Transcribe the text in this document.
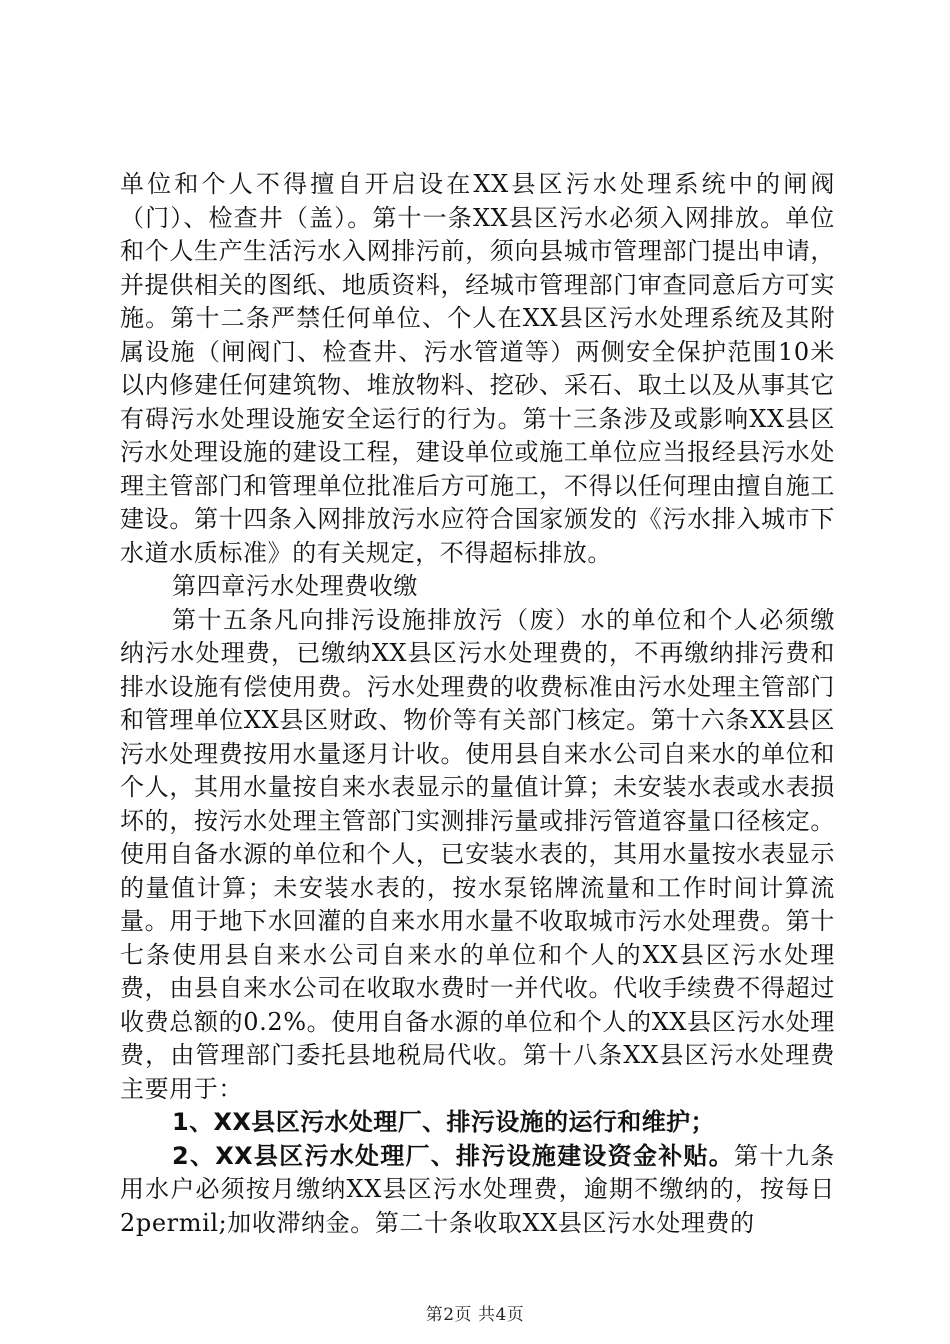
单位和个人不得擅自开启设在XX县区污水处理系统中的闸阀（门）、检查井（盖）。第十一条XX县区污水必须入网排放。单位和个人生产生活污水入网排污前，须向县城市管理部门提出申请，并提供相关的图纸、地质资料，经城市管理部门审查同意后方可实施。第十二条严禁任何单位、个人在XX县区污水处理系统及其附属设施（闸阀门、检查井、污水管道等）两侧安全保护范围10米以内修建任何建筑物、堆放物料、挖砂、采石、取土以及从事其它有碍污水处理设施安全运行的行为。第十三条涉及或影响XX县区污水处理设施的建设工程，建设单位或施工单位应当报经县污水处理主管部门和管理单位批准后方可施工，不得以任何理由擅自施工建设。第十四条入网排放污水应符合国家颁发的《污水排入城市下水道水质标准》的有关规定，不得超标排放。

第四章污水处理费收缴

第十五条凡向排污设施排放污（废）水的单位和个人必须缴纳污水处理费，已缴纳XX县区污水处理费的，不再缴纳排污费和排水设施有偿使用费。污水处理费的收费标准由污水处理主管部门和管理单位XX县区财政、物价等有关部门核定。第十六条XX县区污水处理费按用水量逐月计收。使用县自来水公司自来水的单位和个人，其用水量按自来水表显示的量值计算；未安装水表或水表损坏的，按污水处理主管部门实测排污量或排污管道容量口径核定。使用自备水源的单位和个人，已安装水表的，其用水量按水表显示的量值计算；未安装水表的，按水泵铭牌流量和工作时间计算流量。用于地下水回灌的自来水用水量不收取城市污水处理费。第十七条使用县自来水公司自来水的单位和个人的XX县区污水处理费，由县自来水公司在收取水费时一并代收。代收手续费不得超过收费总额的0.2%。使用自备水源的单位和个人的XX县区污水处理费，由管理部门委托县地税局代收。第十八条XX县区污水处理费主要用于：

1、XX县区污水处理厂、排污设施的运行和维护；

2、XX县区污水处理厂、排污设施建设资金补贴。第十九条用水户必须按月缴纳XX县区污水处理费，逾期不缴纳的，按每日2permil;加收滞纳金。第二十条收取XX县区污水处理费的

第2页 共4页
